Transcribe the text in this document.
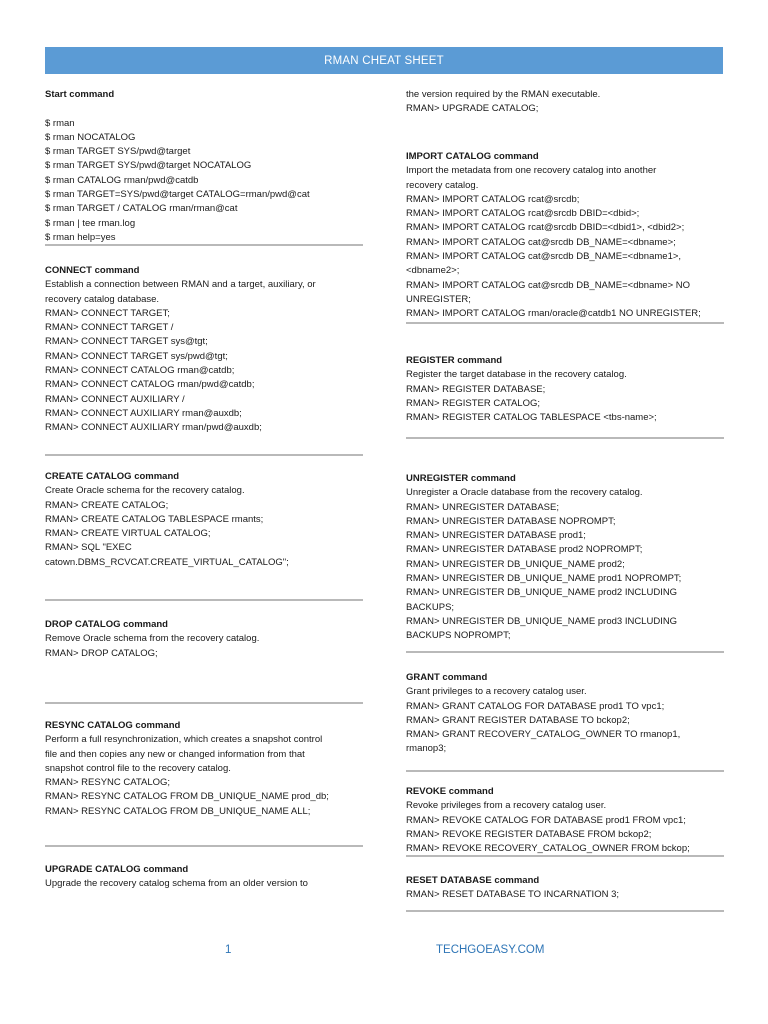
RMAN CHEAT SHEET
Start command
$ rman
$ rman NOCATALOG
$ rman TARGET SYS/pwd@target
$ rman TARGET SYS/pwd@target NOCATALOG
$ rman CATALOG rman/pwd@catdb
$ rman TARGET=SYS/pwd@target CATALOG=rman/pwd@cat
$ rman TARGET / CATALOG rman/rman@cat
$ rman | tee rman.log
$ rman help=yes
CONNECT command
Establish a connection between RMAN and a target, auxiliary, or
recovery catalog database.
RMAN> CONNECT TARGET;
RMAN> CONNECT TARGET /
RMAN> CONNECT TARGET sys@tgt;
RMAN> CONNECT TARGET sys/pwd@tgt;
RMAN> CONNECT CATALOG rman@catdb;
RMAN> CONNECT CATALOG rman/pwd@catdb;
RMAN> CONNECT AUXILIARY /
RMAN> CONNECT AUXILIARY rman@auxdb;
RMAN> CONNECT AUXILIARY rman/pwd@auxdb;
CREATE CATALOG command
Create Oracle schema for the recovery catalog.
RMAN> CREATE CATALOG;
RMAN> CREATE CATALOG TABLESPACE rmants;
RMAN> CREATE VIRTUAL CATALOG;
RMAN> SQL "EXEC
catown.DBMS_RCVCAT.CREATE_VIRTUAL_CATALOG";
DROP CATALOG command
Remove Oracle schema from the recovery catalog.
RMAN> DROP CATALOG;
RESYNC CATALOG command
Perform a full resynchronization, which creates a snapshot control
file and then copies any new or changed information from that
snapshot control file to the recovery catalog.
RMAN> RESYNC CATALOG;
RMAN> RESYNC CATALOG FROM DB_UNIQUE_NAME prod_db;
RMAN> RESYNC CATALOG FROM DB_UNIQUE_NAME ALL;
UPGRADE CATALOG command
Upgrade the recovery catalog schema from an older version to
the version required by the RMAN executable.
RMAN> UPGRADE CATALOG;
IMPORT CATALOG command
Import the metadata from one recovery catalog into another
recovery catalog.
RMAN> IMPORT CATALOG rcat@srcdb;
RMAN> IMPORT CATALOG rcat@srcdb DBID=<dbid>;
RMAN> IMPORT CATALOG rcat@srcdb DBID=<dbid1>, <dbid2>;
RMAN> IMPORT CATALOG cat@srcdb DB_NAME=<dbname>;
RMAN> IMPORT CATALOG cat@srcdb DB_NAME=<dbname1>,
<dbname2>;
RMAN> IMPORT CATALOG cat@srcdb DB_NAME=<dbname> NO
UNREGISTER;
RMAN> IMPORT CATALOG rman/oracle@catdb1 NO UNREGISTER;
REGISTER command
Register the target database in the recovery catalog.
RMAN> REGISTER DATABASE;
RMAN> REGISTER CATALOG;
RMAN> REGISTER CATALOG TABLESPACE <tbs-name>;
UNREGISTER command
Unregister a Oracle database from the recovery catalog.
RMAN> UNREGISTER DATABASE;
RMAN> UNREGISTER DATABASE NOPROMPT;
RMAN> UNREGISTER DATABASE prod1;
RMAN> UNREGISTER DATABASE prod2 NOPROMPT;
RMAN> UNREGISTER DB_UNIQUE_NAME prod2;
RMAN> UNREGISTER DB_UNIQUE_NAME prod1 NOPROMPT;
RMAN> UNREGISTER DB_UNIQUE_NAME prod2 INCLUDING
BACKUPS;
RMAN> UNREGISTER DB_UNIQUE_NAME prod3 INCLUDING
BACKUPS NOPROMPT;
GRANT command
Grant privileges to a recovery catalog user.
RMAN> GRANT CATALOG FOR DATABASE prod1 TO vpc1;
RMAN> GRANT REGISTER DATABASE TO bckop2;
RMAN> GRANT RECOVERY_CATALOG_OWNER TO rmanop1,
rmanop3;
REVOKE command
Revoke privileges from a recovery catalog user.
RMAN> REVOKE CATALOG FOR DATABASE prod1 FROM vpc1;
RMAN> REVOKE REGISTER DATABASE FROM bckop2;
RMAN> REVOKE RECOVERY_CATALOG_OWNER FROM bckop;
RESET DATABASE command
RMAN> RESET DATABASE TO INCARNATION 3;
1	TECHGOEASY.COM
